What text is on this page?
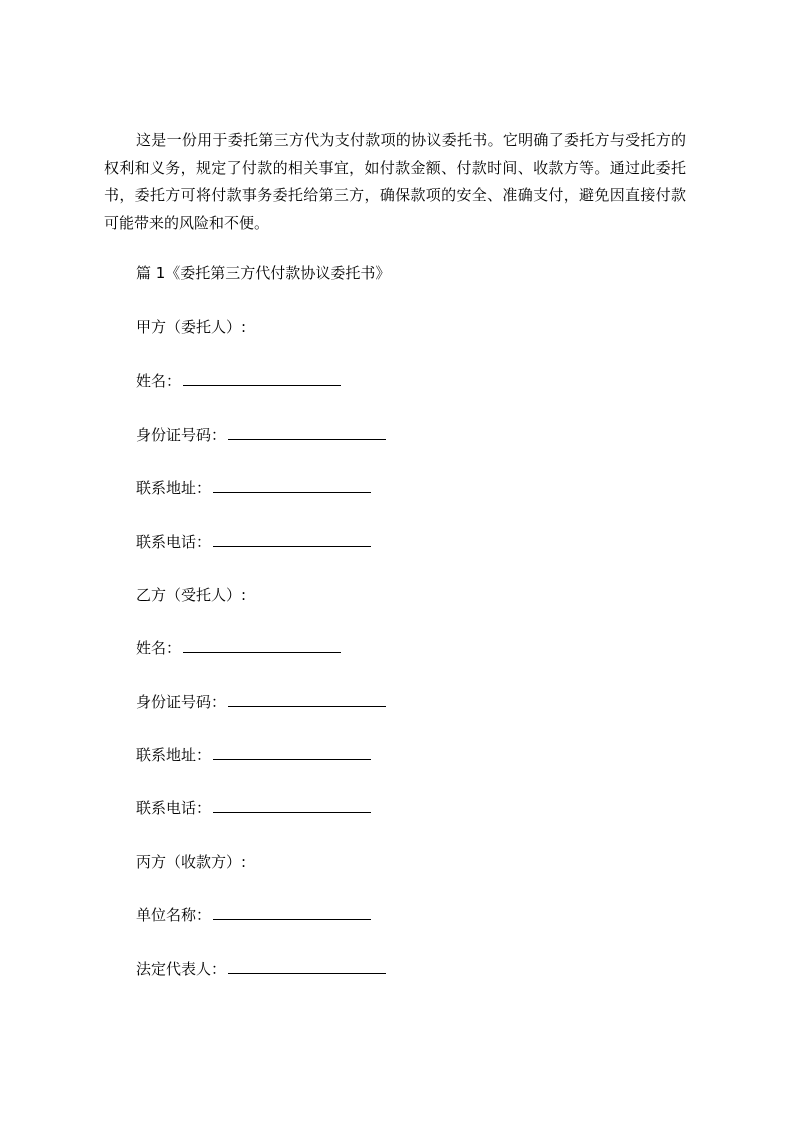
这是一份用于委托第三方代为支付款项的协议委托书。它明确了委托方与受托方的权利和义务，规定了付款的相关事宜，如付款金额、付款时间、收款方等。通过此委托书，委托方可将付款事务委托给第三方，确保款项的安全、准确支付，避免因直接付款可能带来的风险和不便。

篇 1《委托第三方代付款协议委托书》

甲方（委托人）:

姓名：

身份证号码：

联系地址：

联系电话：

乙方（受托人）:

姓名：

身份证号码：

联系地址：

联系电话：

丙方（收款方）:

单位名称：

法定代表人：
